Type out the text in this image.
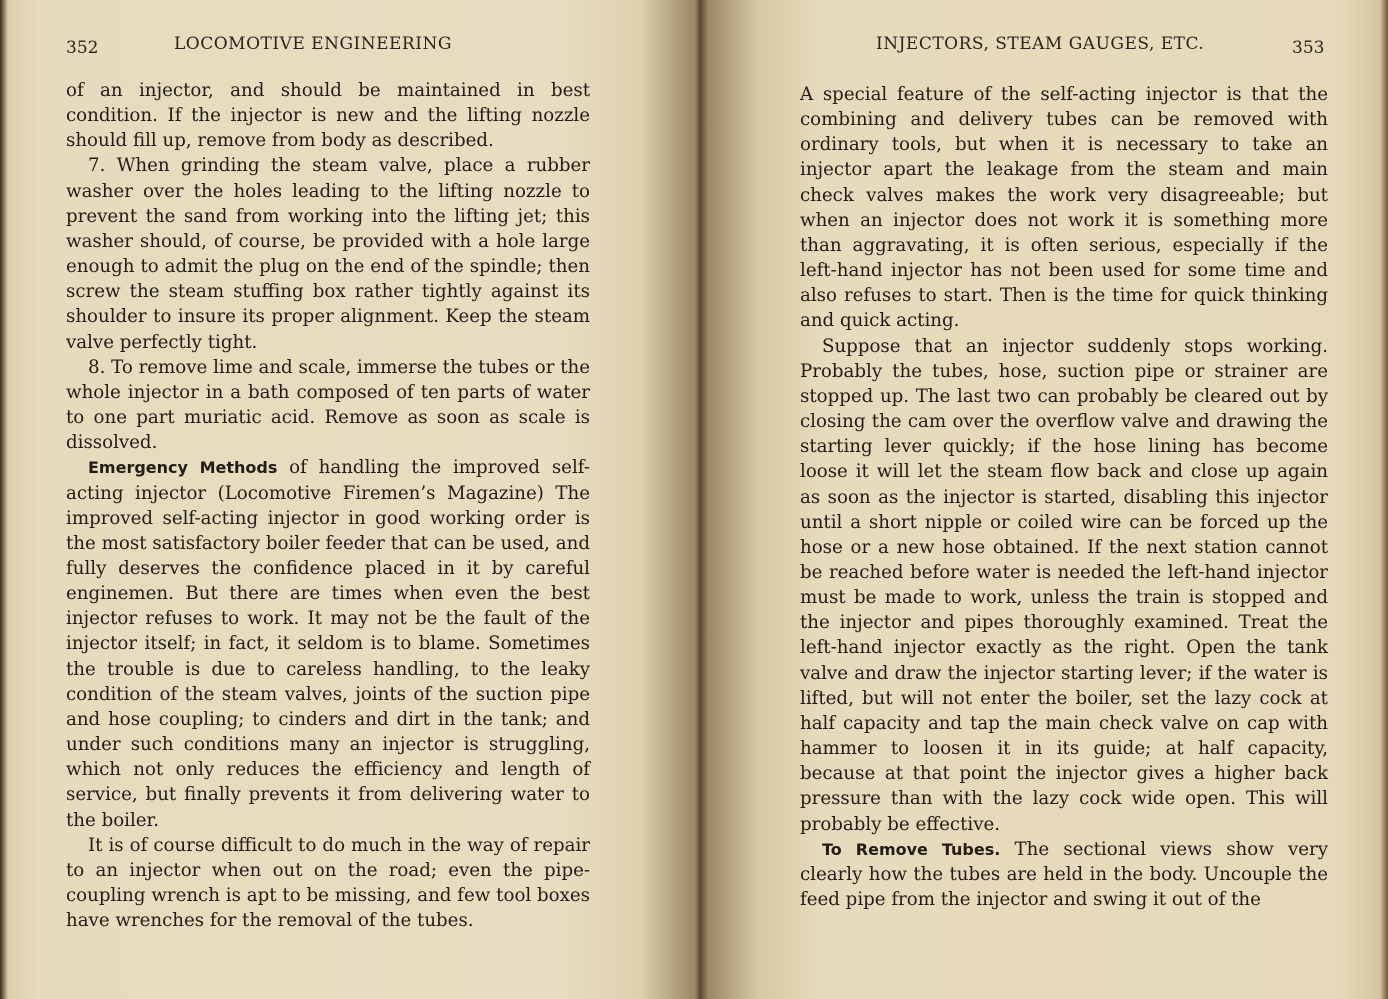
352	LOCOMOTIVE ENGINEERING

of an injector, and should be maintained in best condition. If the injector is new and the lifting nozzle should fill up, remove from body as described.

7. When grinding the steam valve, place a rubber washer over the holes leading to the lifting nozzle to prevent the sand from working into the lifting jet; this washer should, of course, be provided with a hole large enough to admit the plug on the end of the spindle; then screw the steam stuffing box rather tightly against its shoulder to insure its proper alignment. Keep the steam valve perfectly tight.

8. To remove lime and scale, immerse the tubes or the whole injector in a bath composed of ten parts of water to one part muriatic acid. Remove as soon as scale is dissolved.

Emergency Methods of handling the improved self-acting injector (Locomotive Firemen’s Magazine) The improved self-acting injector in good working order is the most satisfactory boiler feeder that can be used, and fully deserves the confidence placed in it by careful enginemen. But there are times when even the best injector refuses to work. It may not be the fault of the injector itself; in fact, it seldom is to blame. Sometimes the trouble is due to careless handling, to the leaky condition of the steam valves, joints of the suction pipe and hose coupling; to cinders and dirt in the tank; and under such conditions many an injector is struggling, which not only reduces the efficiency and length of service, but finally prevents it from delivering water to the boiler.

It is of course difficult to do much in the way of repair to an injector when out on the road; even the pipe-coupling wrench is apt to be missing, and few tool boxes have wrenches for the removal of the tubes.

INJECTORS, STEAM GAUGES, ETC.	353

A special feature of the self-acting injector is that the combining and delivery tubes can be removed with ordinary tools, but when it is necessary to take an injector apart the leakage from the steam and main check valves makes the work very disagreeable; but when an injector does not work it is something more than aggravating, it is often serious, especially if the left-hand injector has not been used for some time and also refuses to start. Then is the time for quick thinking and quick acting.

Suppose that an injector suddenly stops working. Probably the tubes, hose, suction pipe or strainer are stopped up. The last two can probably be cleared out by closing the cam over the overflow valve and drawing the starting lever quickly; if the hose lining has become loose it will let the steam flow back and close up again as soon as the injector is started, disabling this injector until a short nipple or coiled wire can be forced up the hose or a new hose obtained. If the next station cannot be reached before water is needed the left-hand injector must be made to work, unless the train is stopped and the injector and pipes thoroughly examined. Treat the left-hand injector exactly as the right. Open the tank valve and draw the injector starting lever; if the water is lifted, but will not enter the boiler, set the lazy cock at half capacity and tap the main check valve on cap with hammer to loosen it in its guide; at half capacity, because at that point the injector gives a higher back pressure than with the lazy cock wide open. This will probably be effective.

To Remove Tubes. The sectional views show very clearly how the tubes are held in the body. Uncouple the feed pipe from the injector and swing it out of the
